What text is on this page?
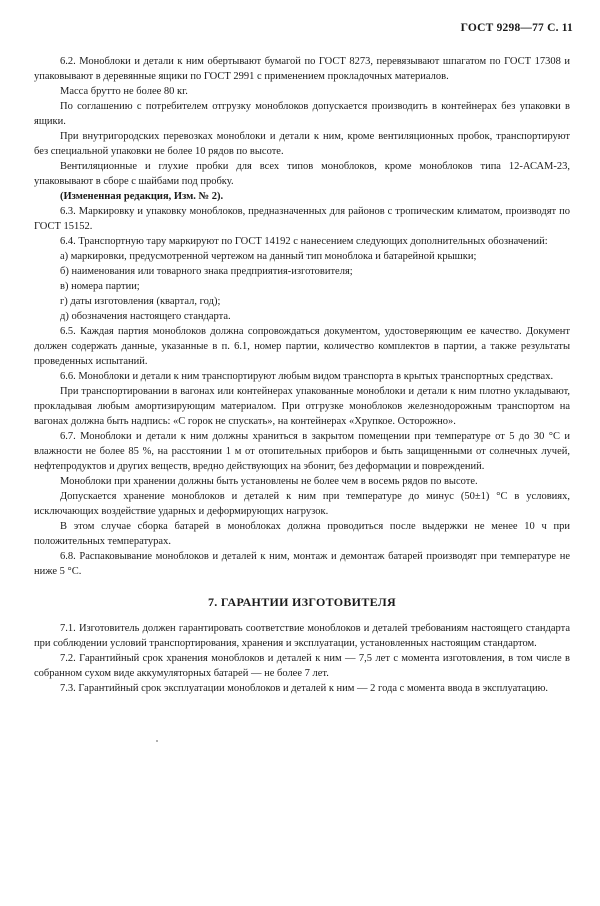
ГОСТ 9298—77 С. 11

6.2. Моноблоки и детали к ним обертывают бумагой по ГОСТ 8273, перевязывают шпагатом по ГОСТ 17308 и упаковывают в деревянные ящики по ГОСТ 2991 с применением прокладочных материалов.

Масса брутто не более 80 кг.

По соглашению с потребителем отгрузку моноблоков допускается производить в контейнерах без упаковки в ящики.

При внутригородских перевозках моноблоки и детали к ним, кроме вентиляционных пробок, транспортируют без специальной упаковки не более 10 рядов по высоте.

Вентиляционные и глухие пробки для всех типов моноблоков, кроме моноблоков типа 12-АСАМ-23, упаковывают в сборе с шайбами под пробку.

(Измененная редакция, Изм. № 2).

6.3. Маркировку и упаковку моноблоков, предназначенных для районов с тропическим климатом, производят по ГОСТ 15152.

6.4. Транспортную тару маркируют по ГОСТ 14192 с нанесением следующих дополнительных обозначений:

а) маркировки, предусмотренной чертежом на данный тип моноблока и батарейной крышки;

б) наименования или товарного знака предприятия-изготовителя;

в) номера партии;

г) даты изготовления (квартал, год);

д) обозначения настоящего стандарта.

6.5. Каждая партия моноблоков должна сопровождаться документом, удостоверяющим ее качество. Документ должен содержать данные, указанные в п. 6.1, номер партии, количество комплектов в партии, а также результаты проведенных испытаний.

6.6. Моноблоки и детали к ним транспортируют любым видом транспорта в крытых транспортных средствах.

При транспортировании в вагонах или контейнерах упакованные моноблоки и детали к ним плотно укладывают, прокладывая любым амортизирующим материалом. При отгрузке моноблоков железнодорожным транспортом на вагонах должна быть надпись: «С горок не спускать», на контейнерах «Хрупкое. Осторожно».

6.7. Моноблоки и детали к ним должны храниться в закрытом помещении при температуре от 5 до 30 °С и влажности не более 85 %, на расстоянии 1 м от отопительных приборов и быть защищенными от солнечных лучей, нефтепродуктов и других веществ, вредно действующих на эбонит, без деформации и повреждений.

Моноблоки при хранении должны быть установлены не более чем в восемь рядов по высоте.

Допускается хранение моноблоков и деталей к ним при температуре до минус (50±1) °С в условиях, исключающих воздействие ударных и деформирующих нагрузок.

В этом случае сборка батарей в моноблоках должна проводиться после выдержки не менее 10 ч при положительных температурах.

6.8. Распаковывание моноблоков и деталей к ним, монтаж и демонтаж батарей производят при температуре не ниже 5 °С.

7. ГАРАНТИИ ИЗГОТОВИТЕЛЯ

7.1. Изготовитель должен гарантировать соответствие моноблоков и деталей требованиям настоящего стандарта при соблюдении условий транспортирования, хранения и эксплуатации, установленных настоящим стандартом.

7.2. Гарантийный срок хранения моноблоков и деталей к ним — 7,5 лет с момента изготовления, в том числе в собранном сухом виде аккумуляторных батарей — не более 7 лет.

7.3. Гарантийный срок эксплуатации моноблоков и деталей к ним — 2 года с момента ввода в эксплуатацию.
